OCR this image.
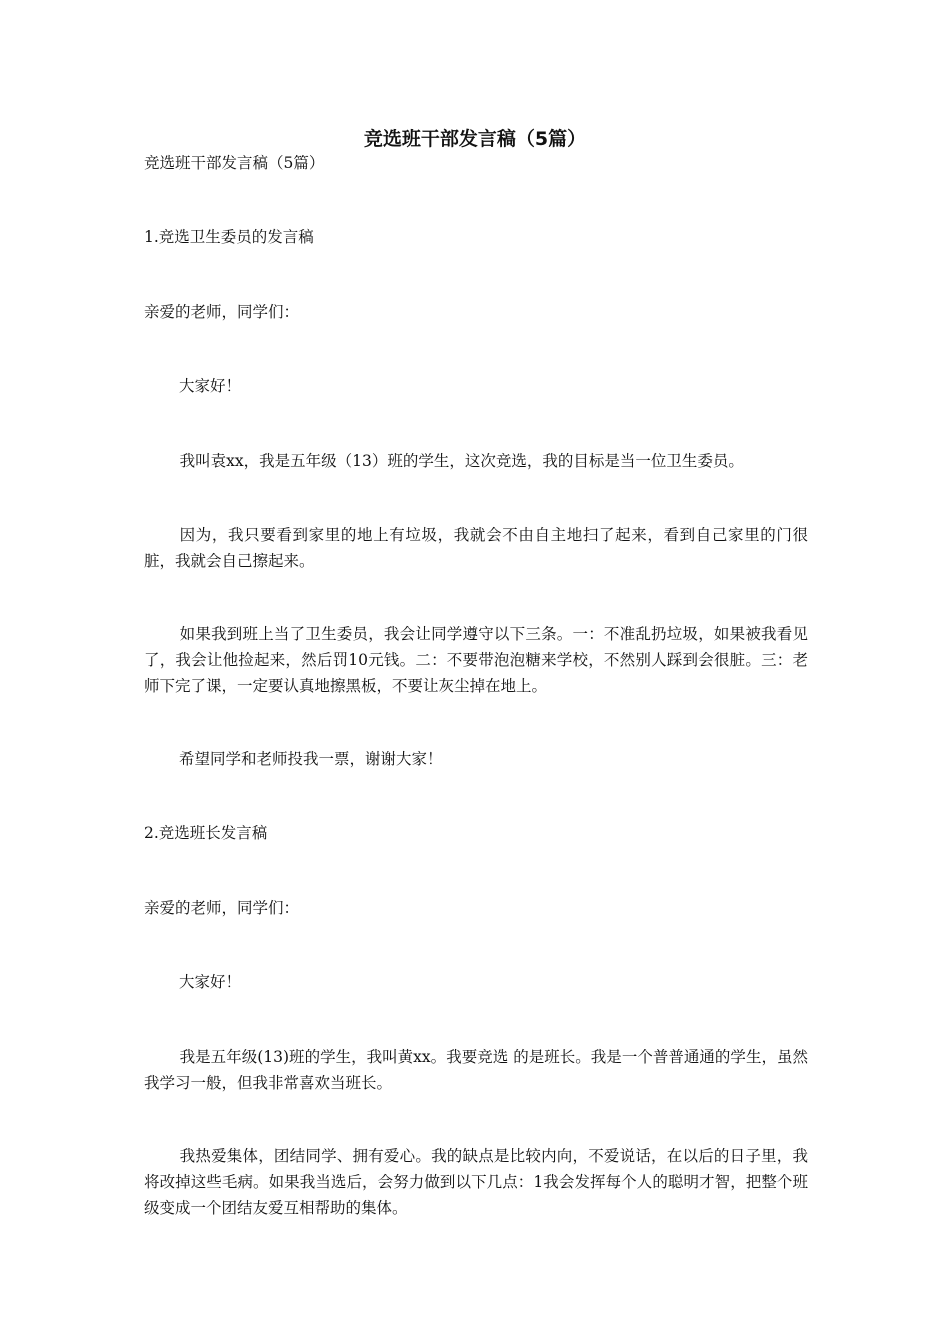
竞选班干部发言稿（5篇）
竞选班干部发言稿（5篇）
1.竞选卫生委员的发言稿
亲爱的老师，同学们：
大家好！
我叫袁xx，我是五年级（13）班的学生，这次竞选，我的目标是当一位卫生委员。
因为，我只要看到家里的地上有垃圾，我就会不由自主地扫了起来，看到自己家里的门很脏，我就会自己擦起来。
如果我到班上当了卫生委员，我会让同学遵守以下三条。一：不准乱扔垃圾，如果被我看见了，我会让他捡起来，然后罚10元钱。二：不要带泡泡糖来学校，不然别人踩到会很脏。三：老师下完了课，一定要认真地擦黑板，不要让灰尘掉在地上。
希望同学和老师投我一票，谢谢大家！
2.竞选班长发言稿
亲爱的老师，同学们：
大家好！
我是五年级(13)班的学生，我叫黄xx。我要竞选 的是班长。我是一个普普通通的学生，虽然我学习一般，但我非常喜欢当班长。
我热爱集体，团结同学、拥有爱心。我的缺点是比较内向，不爱说话，在以后的日子里，我将改掉这些毛病。如果我当选后，会努力做到以下几点：1我会发挥每个人的聪明才智，把整个班级变成一个团结友爱互相帮助的集体。
